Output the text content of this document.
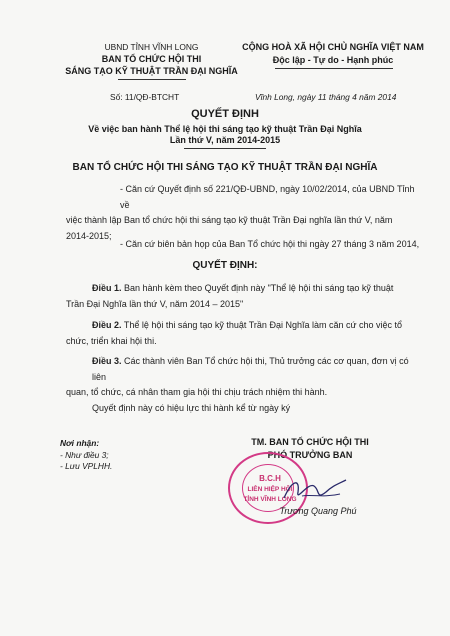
UBND TỈNH VĨNH LONG
BAN TỔ CHỨC HỘI THI
SÁNG TẠO KỸ THUẬT TRẦN ĐẠI NGHĨA
CỘNG HOÀ XÃ HỘI CHỦ NGHĨA VIỆT NAM
Độc lập - Tự do - Hạnh phúc
Số: 11/QĐ-BTCHT	Vĩnh Long, ngày 11 tháng 4 năm 2014
QUYẾT ĐỊNH
Về việc ban hành Thể lệ hội thi sáng tạo kỹ thuật Trần Đại Nghĩa
Lần thứ V, năm 2014-2015
BAN TỔ CHỨC HỘI THI SÁNG TẠO KỸ THUẬT TRẦN ĐẠI NGHĨA
- Căn cứ Quyết định số 221/QĐ-UBND, ngày 10/02/2014, của UBND Tỉnh về
việc thành lập Ban tổ chức hội thi sáng tạo kỹ thuật Trần Đại nghĩa lần thứ V, năm
2014-2015;
- Căn cứ biên bản họp của Ban Tổ chức hội thi ngày 27 tháng 3 năm 2014,
QUYẾT ĐỊNH:
Điều 1. Ban hành kèm theo Quyết định này "Thể lệ hội thi sáng tạo kỹ thuật
Trần Đại Nghĩa lần thứ V, năm 2014 – 2015"
Điều 2. Thể lệ hội thi sáng tạo kỹ thuật Trần Đại Nghĩa làm căn cứ cho việc tổ
chức, triển khai hội thi.
Điều 3. Các thành viên Ban Tổ chức hội thi, Thủ trưởng các cơ quan, đơn vị có liên
quan, tổ chức, cá nhân tham gia hội thi chịu trách nhiệm thi hành.
Quyết định này có hiệu lực thi hành kể từ ngày ký
Nơi nhận:
- Như điều 3;
- Lưu VPLHH.
TM. BAN TỔ CHỨC HỘI THI
PHÓ TRƯỞNG BAN
B.C.H
LIÊN HIỆP HỘI
TỈNH VĨNH LONG
Trương Quang Phú
